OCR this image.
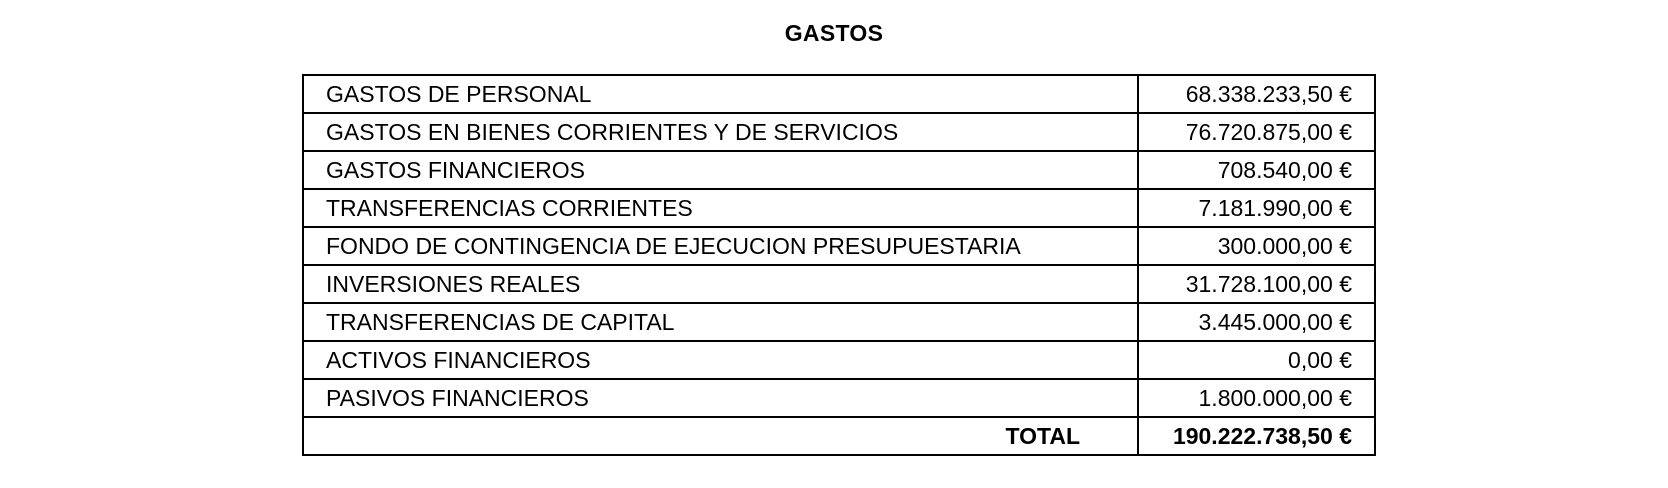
GASTOS
GASTOS DE PERSONAL	68.338.233,50 €
GASTOS EN BIENES CORRIENTES Y DE SERVICIOS	76.720.875,00 €
GASTOS FINANCIEROS	708.540,00 €
TRANSFERENCIAS CORRIENTES	7.181.990,00 €
FONDO DE CONTINGENCIA DE EJECUCION PRESUPUESTARIA	300.000,00 €
INVERSIONES REALES	31.728.100,00 €
TRANSFERENCIAS DE CAPITAL	3.445.000,00 €
ACTIVOS FINANCIEROS	0,00 €
PASIVOS FINANCIEROS	1.800.000,00 €
TOTAL	190.222.738,50 €
